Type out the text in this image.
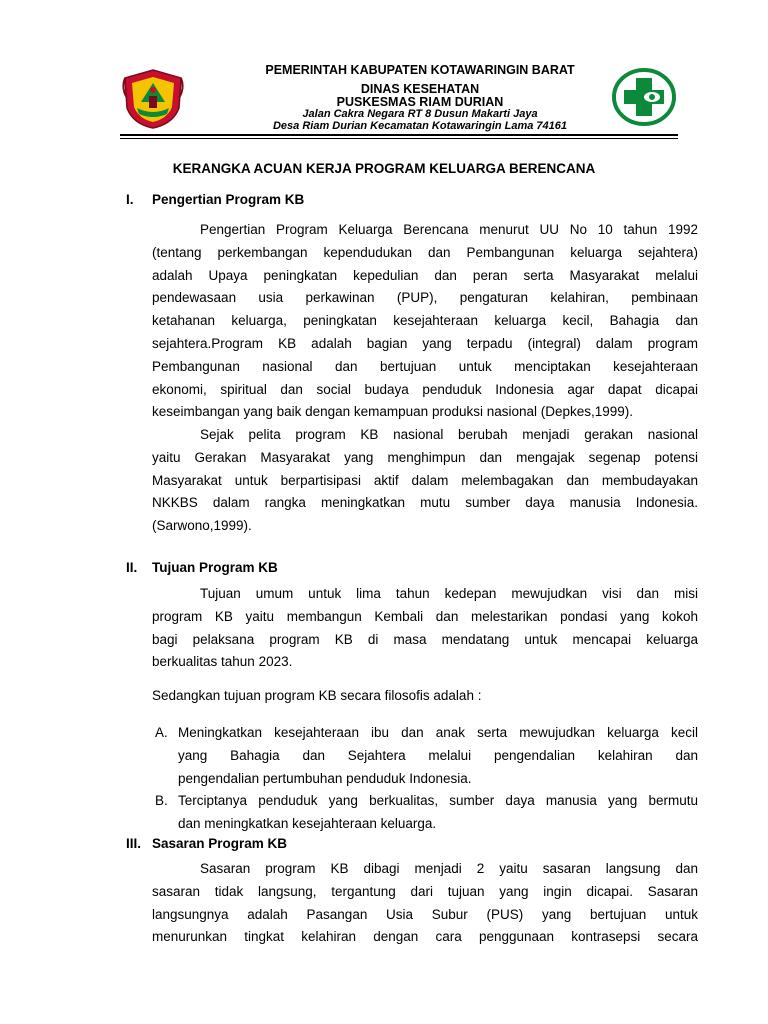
PEMERINTAH KABUPATEN KOTAWARINGIN BARAT
DINAS KESEHATAN
PUSKESMAS RIAM DURIAN
Jalan Cakra Negara RT 8 Dusun Makarti Jaya
Desa Riam Durian Kecamatan Kotawaringin Lama 74161
KERANGKA ACUAN KERJA PROGRAM KELUARGA BERENCANA
I. Pengertian Program KB
Pengertian Program Keluarga Berencana menurut UU No 10 tahun 1992
(tentang perkembangan kependudukan dan Pembangunan keluarga sejahtera)
adalah Upaya peningkatan kepedulian dan peran serta Masyarakat melalui
pendewasaan usia perkawinan (PUP), pengaturan kelahiran, pembinaan
ketahanan keluarga, peningkatan kesejahteraan keluarga kecil, Bahagia dan
sejahtera.Program KB adalah bagian yang terpadu (integral) dalam program
Pembangunan nasional dan bertujuan untuk menciptakan kesejahteraan
ekonomi, spiritual dan social budaya penduduk Indonesia agar dapat dicapai
keseimbangan yang baik dengan kemampuan produksi nasional (Depkes,1999).
Sejak pelita program KB nasional berubah menjadi gerakan nasional
yaitu Gerakan Masyarakat yang menghimpun dan mengajak segenap potensi
Masyarakat untuk berpartisipasi aktif dalam melembagakan dan membudayakan
NKKBS dalam rangka meningkatkan mutu sumber daya manusia Indonesia.
(Sarwono,1999).
II. Tujuan Program KB
Tujuan umum untuk lima tahun kedepan mewujudkan visi dan misi
program KB yaitu membangun Kembali dan melestarikan pondasi yang kokoh
bagi pelaksana program KB di masa mendatang untuk mencapai keluarga
berkualitas tahun 2023.
Sedangkan tujuan program KB secara filosofis adalah :
A. Meningkatkan kesejahteraan ibu dan anak serta mewujudkan keluarga kecil
yang Bahagia dan Sejahtera melalui pengendalian kelahiran dan
pengendalian pertumbuhan penduduk Indonesia.
B. Terciptanya penduduk yang berkualitas, sumber daya manusia yang bermutu
dan meningkatkan kesejahteraan keluarga.
III. Sasaran Program KB
Sasaran program KB dibagi menjadi 2 yaitu sasaran langsung dan
sasaran tidak langsung, tergantung dari tujuan yang ingin dicapai. Sasaran
langsungnya adalah Pasangan Usia Subur (PUS) yang bertujuan untuk
menurunkan tingkat kelahiran dengan cara penggunaan kontrasepsi secara
